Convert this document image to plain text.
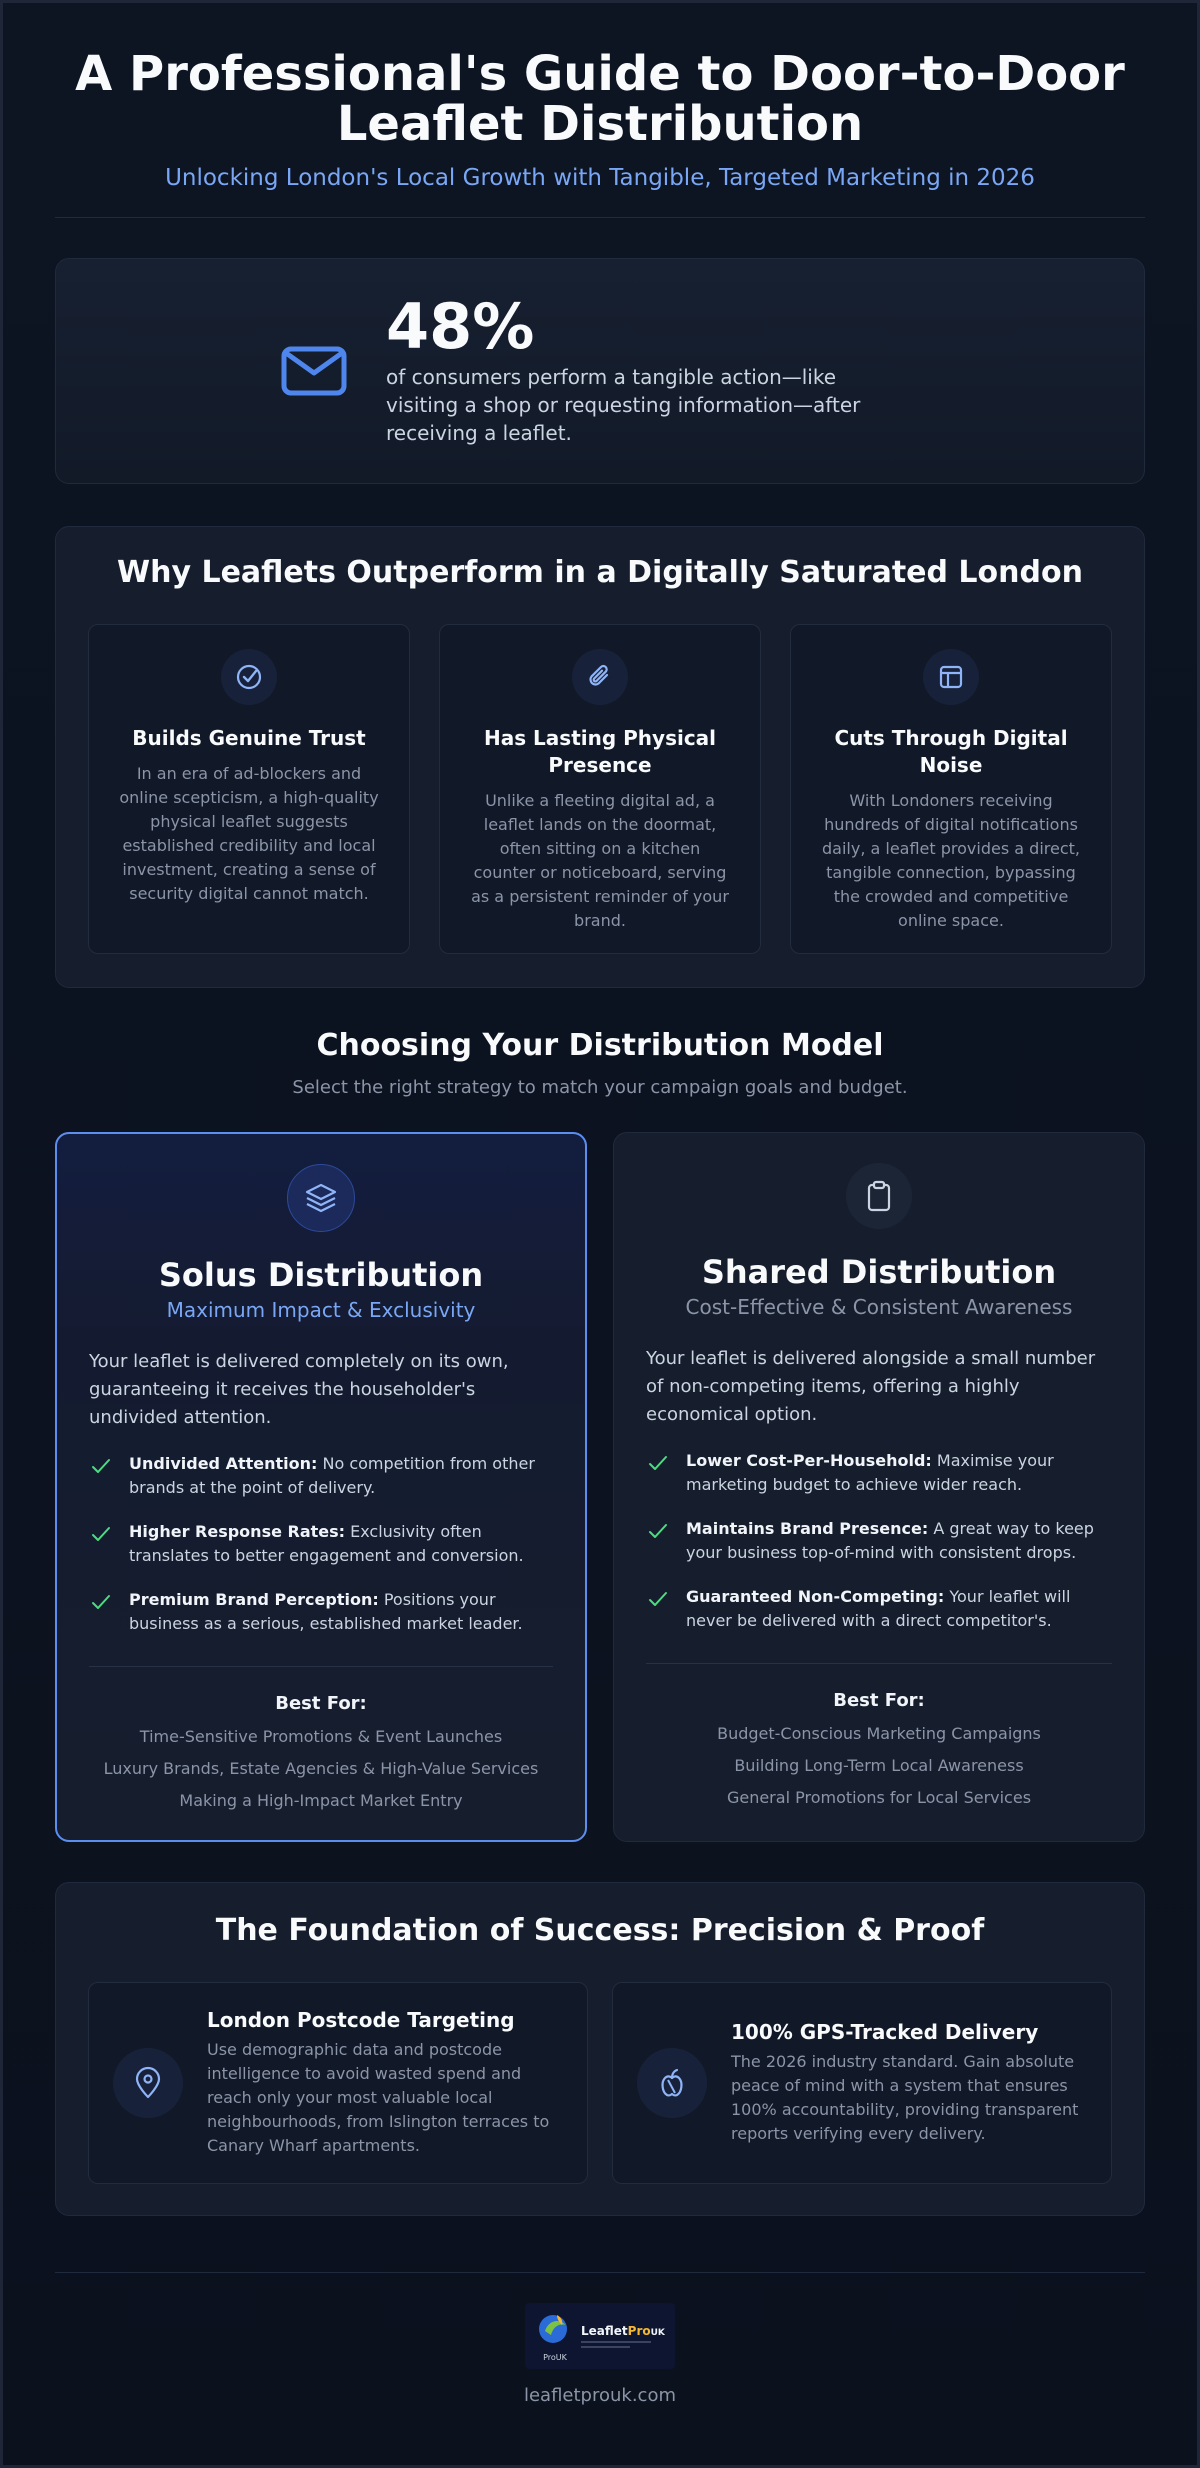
A Professional's Guide to Door-to-Door Leaflet Distribution
Unlocking London's Local Growth with Tangible, Targeted Marketing in 2026
48%
of consumers perform a tangible action—like visiting a shop or requesting information—after receiving a leaflet.
Why Leaflets Outperform in a Digitally Saturated London
Builds Genuine Trust

In an era of ad-blockers and online scepticism, a high-quality physical leaflet suggests established credibility and local investment, creating a sense of security digital cannot match.

Has Lasting Physical Presence

Unlike a fleeting digital ad, a leaflet lands on the doormat, often sitting on a kitchen counter or noticeboard, serving as a persistent reminder of your brand.

Cuts Through Digital Noise

With Londoners receiving hundreds of digital notifications daily, a leaflet provides a direct, tangible connection, bypassing the crowded and competitive online space.

Choosing Your Distribution Model

Select the right strategy to match your campaign goals and budget.

Solus Distribution
Maximum Impact & Exclusivity
Your leaflet is delivered completely on its own, guaranteeing it receives the householder's undivided attention.
Undivided Attention: No competition from other brands at the point of delivery.
Higher Response Rates: Exclusivity often translates to better engagement and conversion.
Premium Brand Perception: Positions your business as a serious, established market leader.
Best For:
Time-Sensitive Promotions & Event Launches
Luxury Brands, Estate Agencies & High-Value Services
Making a High-Impact Market Entry
Shared Distribution
Cost-Effective & Consistent Awareness
Your leaflet is delivered alongside a small number of non-competing items, offering a highly economical option.
Lower Cost-Per-Household: Maximise your marketing budget to achieve wider reach.
Maintains Brand Presence: A great way to keep your business top-of-mind with consistent drops.
Guaranteed Non-Competing: Your leaflet will never be delivered with a direct competitor's.
Best For:
Budget-Conscious Marketing Campaigns
Building Long-Term Local Awareness
General Promotions for Local Services
The Foundation of Success: Precision & Proof
London Postcode Targeting

Use demographic data and postcode intelligence to avoid wasted spend and reach only your most valuable local neighbourhoods, from Islington terraces to Canary Wharf apartments.

100% GPS-Tracked Delivery

The 2026 industry standard. Gain absolute peace of mind with a system that ensures 100% accountability, providing transparent reports verifying every delivery.

ProUK
LeafletProUK
leafletprouk.com
